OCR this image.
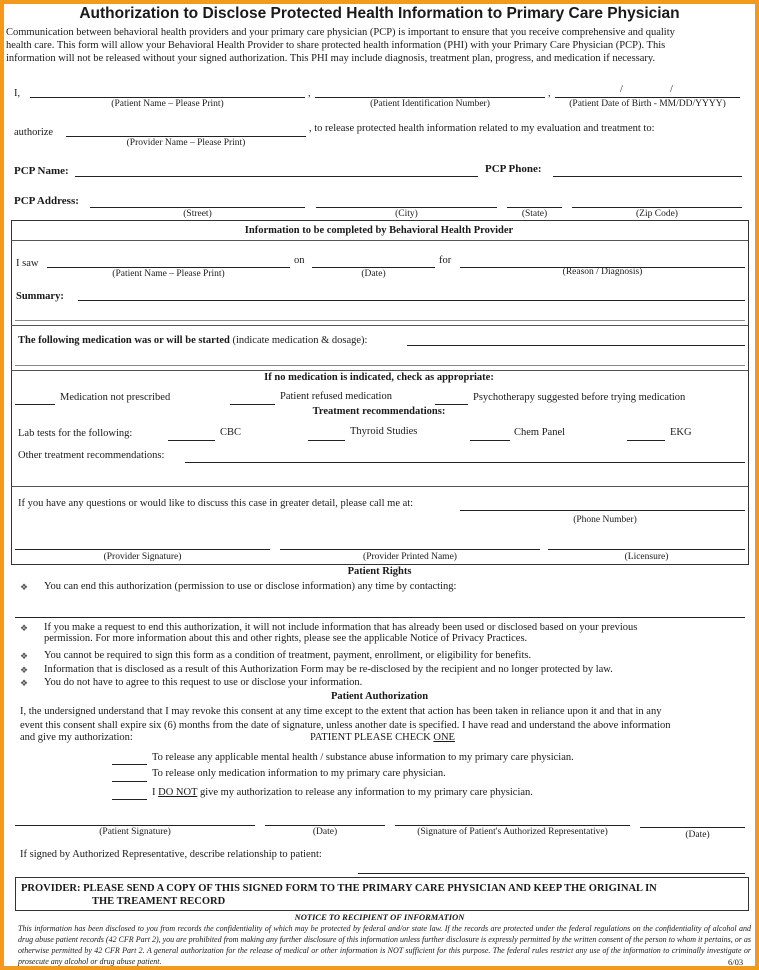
Authorization to Disclose Protected Health Information to Primary Care Physician
Communication between behavioral health providers and your primary care physician (PCP) is important to ensure that you receive comprehensive and quality
health care. This form will allow your Behavioral Health Provider to share protected health information (PHI) with your Primary Care Physician (PCP). This
information will not be released without your signed authorization. This PHI may include diagnosis, treatment plan, progress, and medication if necessary.
I,	,	,	/	/
(Patient Name – Please Print)	(Patient Identification Number)	(Patient Date of Birth - MM/DD/YYYY)
authorize	, to release protected health information related to my evaluation and treatment to:
(Provider Name – Please Print)
PCP Name:	PCP Phone:
PCP Address:
(Street)	(City)	(State)	(Zip Code)
Information to be completed by Behavioral Health Provider
I saw	on	for
(Patient Name – Please Print)	(Date)	(Reason / Diagnosis)
Summary:
The following medication was or will be started (indicate medication & dosage):
If no medication is indicated, check as appropriate:
Medication not prescribed	Patient refused medication	Psychotherapy suggested before trying medication
Treatment recommendations:
Lab tests for the following:	CBC	Thyroid Studies	Chem Panel	EKG
Other treatment recommendations:
If you have any questions or would like to discuss this case in greater detail, please call me at:
(Phone Number)
(Provider Signature)	(Provider Printed Name)	(Licensure)
Patient Rights
❖ You can end this authorization (permission to use or disclose information) any time by contacting:
❖ If you make a request to end this authorization, it will not include information that has already been used or disclosed based on your previous
permission. For more information about this and other rights, please see the applicable Notice of Privacy Practices.
❖ You cannot be required to sign this form as a condition of treatment, payment, enrollment, or eligibility for benefits.
❖ Information that is disclosed as a result of this Authorization Form may be re-disclosed by the recipient and no longer protected by law.
❖ You do not have to agree to this request to use or disclose your information.
Patient Authorization
I, the undersigned understand that I may revoke this consent at any time except to the extent that action has been taken in reliance upon it and that in any
event this consent shall expire six (6) months from the date of signature, unless another date is specified. I have read and understand the above information
and give my authorization:	PATIENT PLEASE CHECK ONE
To release any applicable mental health / substance abuse information to my primary care physician.
To release only medication information to my primary care physician.
I DO NOT give my authorization to release any information to my primary care physician.
(Patient Signature)	(Date)	(Signature of Patient's Authorized Representative)	(Date)
If signed by Authorized Representative, describe relationship to patient:
PROVIDER: PLEASE SEND A COPY OF THIS SIGNED FORM TO THE PRIMARY CARE PHYSICIAN AND KEEP THE ORIGINAL IN
THE TREAMENT RECORD
NOTICE TO RECIPIENT OF INFORMATION
This information has been disclosed to you from records the confidentiality of which may be protected by federal and/or state law. If the records are protected under the federal regulations on the confidentiality of alcohol and drug abuse patient records (42 CFR Part 2), you are prohibited from making any further disclosure of this information unless further disclosure is expressly permitted by the written consent of the person to whom it pertains, or as otherwise permitted by 42 CFR Part 2. A general authorization for the release of medical or other information is NOT sufficient for this purpose. The federal rules restrict any use of the information to criminally investigate or prosecute any alcohol or drug abuse patient.	6/03
